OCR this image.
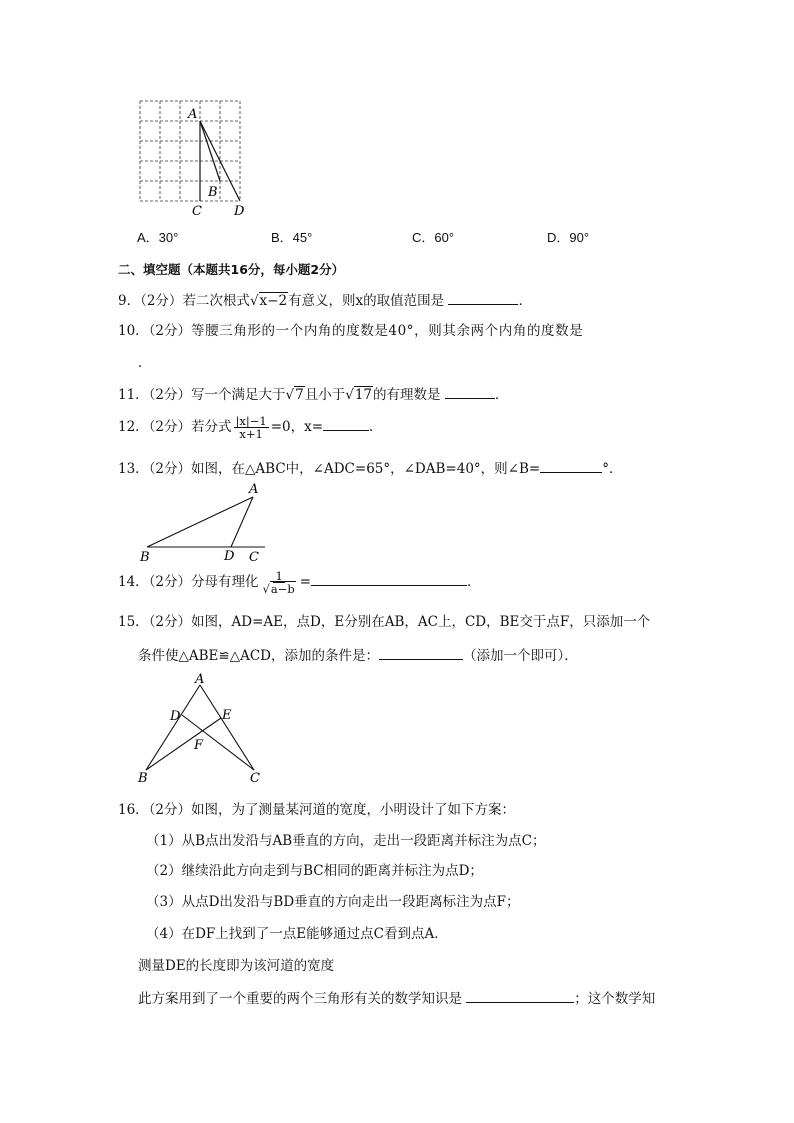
A
B
C D
A．30°	B．45°	C．60°	D．90°
二、填空题（本题共16分，每小题2分）
9．（2分）若二次根式√x−2有意义，则x的取值范围是	．
10．（2分）等腰三角形的一个内角的度数是40°，则其余两个内角的度数是
．
11．（2分）写一个满足大于√7且小于√17的有理数是	．
12．（2分）若分式 $\frac{|x|-1}{x+1} =0$，x=	．
13．（2分）如图，在△ABC中，∠ADC=65°，∠DAB=40°，则∠B=	°．
A
B	D C
14．（2分）分母有理化 $\frac{1}{√a-b}$ =	．
15．（2分）如图，AD=AE，点D，E分别在AB，AC上，CD，BE交于点F，只添加一个
条件使△ABE≌△ACD，添加的条件是：	（添加一个即可）．
A
D	E
F
B	C
16．（2分）如图，为了测量某河道的宽度，小明设计了如下方案：
（1）从B点出发沿与AB垂直的方向，走出一段距离并标注为点C；
（2）继续沿此方向走到与BC相同的距离并标注为点D；
（3）从点D出发沿与BD垂直的方向走出一段距离标注为点F；
（4）在DF上找到了一点E能够通过点C看到点A．
测量DE的长度即为该河道的宽度
此方案用到了一个重要的两个三角形有关的数学知识是	；这个数学知
